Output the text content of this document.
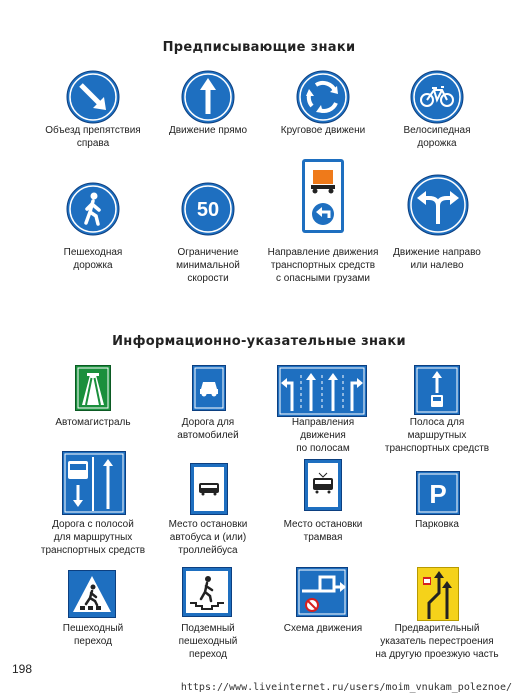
Предписывающие знаки
Объезд препятствия
справа
Движение прямо	Круговое движени	Велосипедная
дорожка
Пешеходная
дорожка
50
Ограничение
минимальной
скорости
Направление движения
транспортных средств
с опасными грузами
Движение направо
или налево
Информационно-указательные знаки
Автомагистраль	Дорога для
автомобилей
Направления
движения
по полосам
Полоса для
маршрутных
транспортных средств
Дорога с полосой
для маршрутных
транспортных средств
Место остановки
автобуса и (или)
троллейбуса
Место остановки
трамвая
P
Парковка
Пешеходный
переход
Подземный
пешеходный
переход
Схема движения	Предварительный
указатель перестроения
на другую проезжую часть
198
https://www.liveinternet.ru/users/moim_vnukam_poleznoe/
